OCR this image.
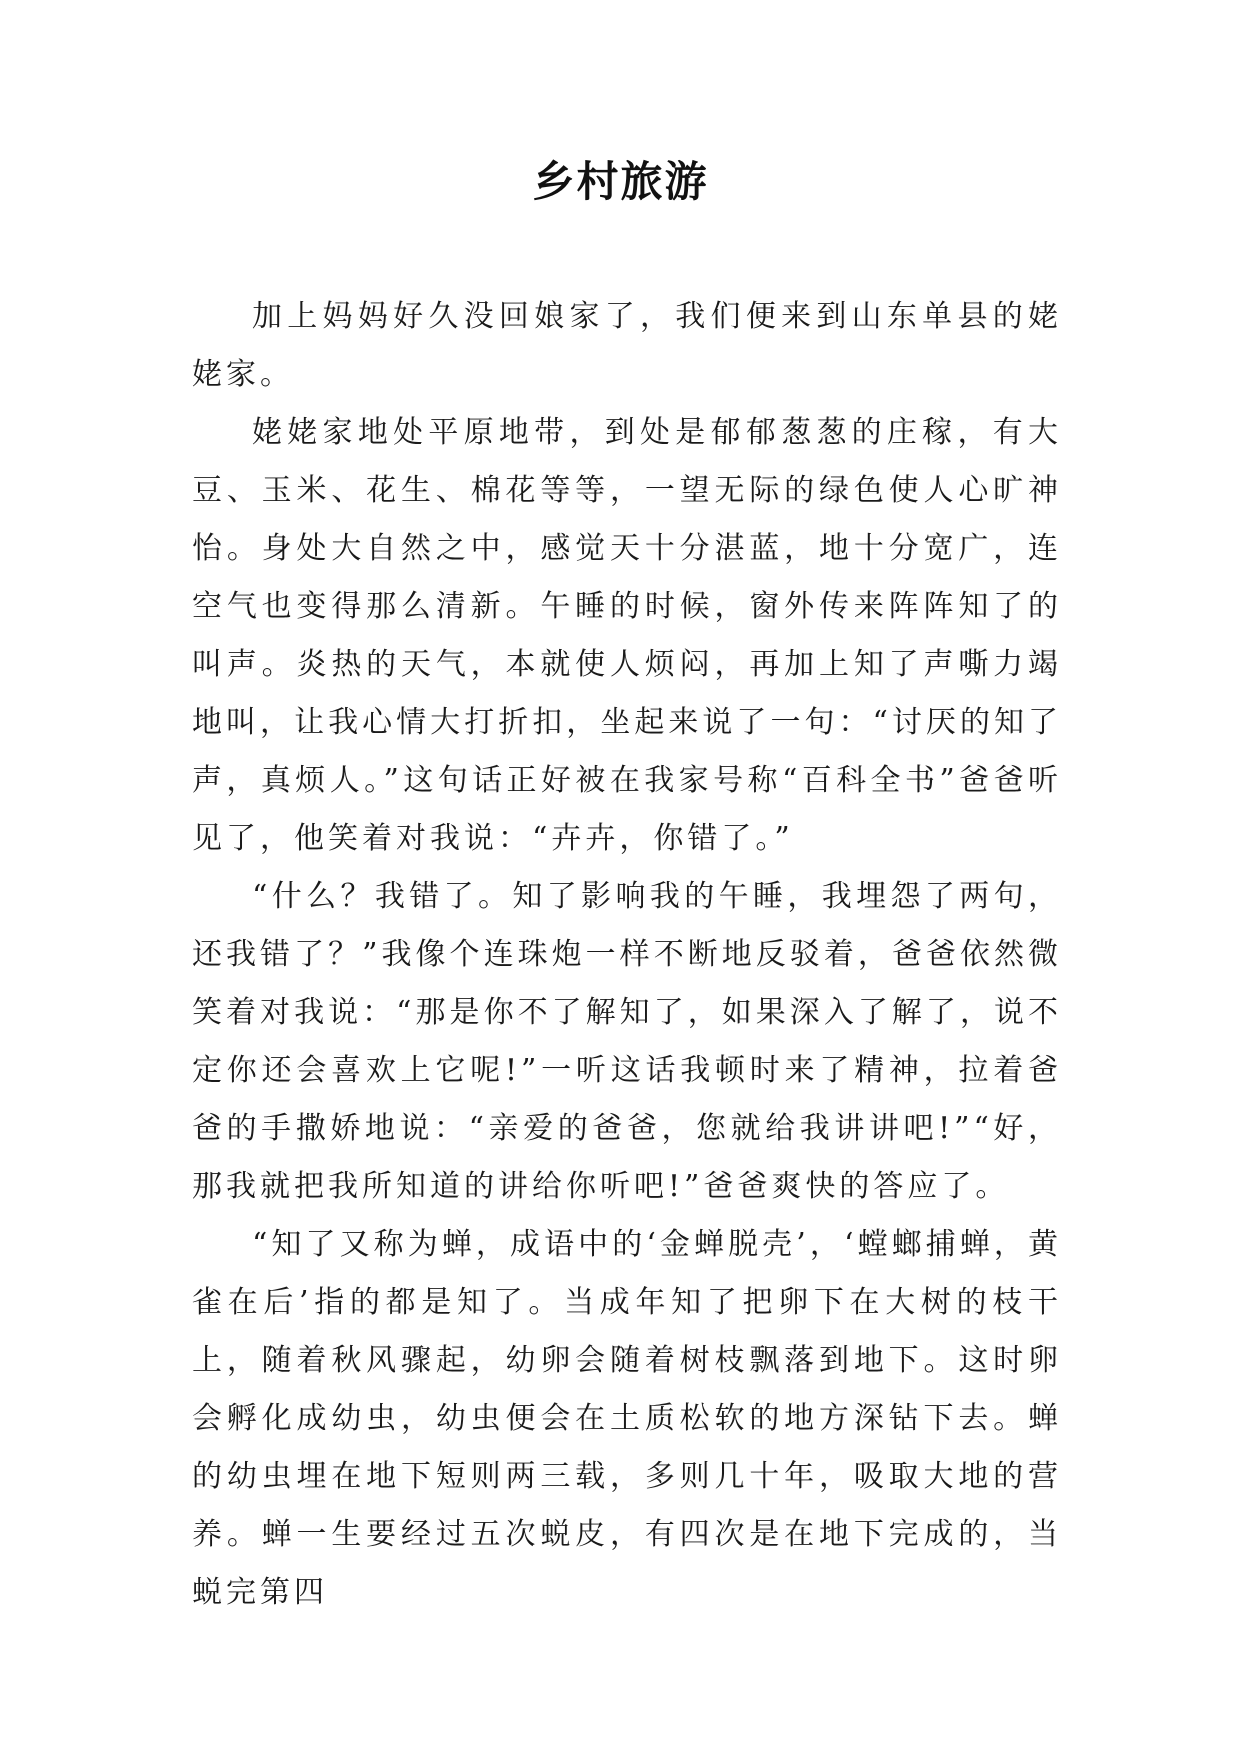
乡村旅游

加上妈妈好久没回娘家了，我们便来到山东单县的姥姥家。

姥姥家地处平原地带，到处是郁郁葱葱的庄稼，有大豆、玉米、花生、棉花等等，一望无际的绿色使人心旷神怡。身处大自然之中，感觉天十分湛蓝，地十分宽广，连空气也变得那么清新。午睡的时候，窗外传来阵阵知了的叫声。炎热的天气，本就使人烦闷，再加上知了声嘶力竭地叫，让我心情大打折扣，坐起来说了一句：“讨厌的知了声，真烦人。”这句话正好被在我家号称“百科全书”爸爸听见了，他笑着对我说：“卉卉，你错了。”

“什么？我错了。知了影响我的午睡，我埋怨了两句，还我错了？”我像个连珠炮一样不断地反驳着，爸爸依然微笑着对我说：“那是你不了解知了，如果深入了解了，说不定你还会喜欢上它呢!”一听这话我顿时来了精神，拉着爸爸的手撒娇地说：“亲爱的爸爸，您就给我讲讲吧!”“好，那我就把我所知道的讲给你听吧!”爸爸爽快的答应了。

“知了又称为蝉，成语中的‘金蝉脱壳’，‘螳螂捕蝉，黄雀在后’指的都是知了。当成年知了把卵下在大树的枝干上，随着秋风骤起，幼卵会随着树枝飘落到地下。这时卵会孵化成幼虫，幼虫便会在土质松软的地方深钻下去。蝉的幼虫埋在地下短则两三载，多则几十年，吸取大地的营养。蝉一生要经过五次蜕皮，有四次是在地下完成的，当蜕完第四
